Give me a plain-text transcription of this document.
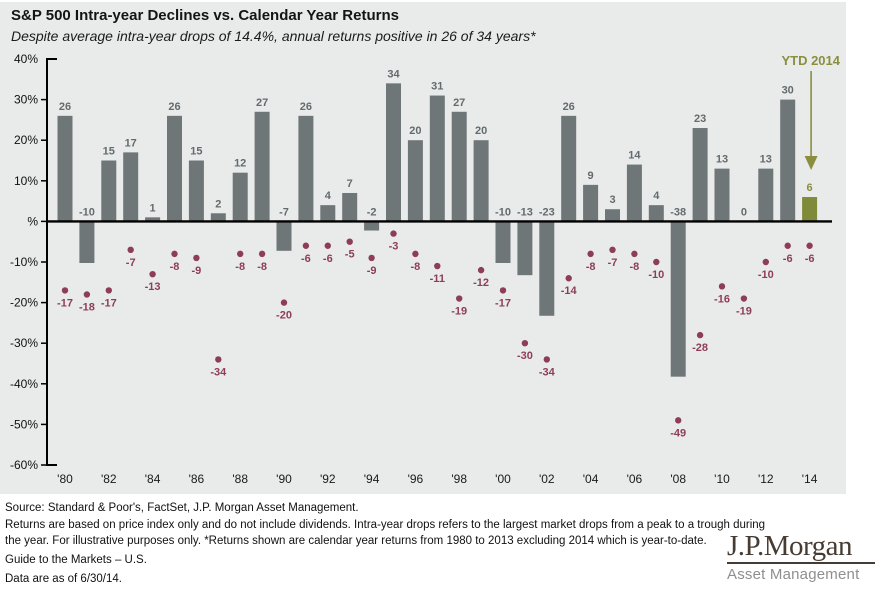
40%
30%
20%
10%
%
-10%
-20%
-30%
-40%
-50%
-60%
26
-10
15
17
1
26
15
2
12
27
-7
26
4
7
-2
34
20
31
27
20
-10 -13 -23
26
9
3
14
4
-38
23
13
0
13
30
6
-17 -18 -17
-7
-13
-8 -9
-34
-8 -8
-20
-6 -6 -5
-9
-3
-8
-11
-19
-12
-17
-30
-34
-14
-8 -7 -8
-10
-49
-28
-16
-19
-10
-6 -6
'80 '82 '84 '86 '88 '90 '92 '94 '96 '98 '00 '02 '04 '06 '08 '10 '12 '14
YTD 2014
S&P 500 Intra-year Declines vs. Calendar Year Returns
Despite average intra-year drops of 14.4%, annual returns positive in 26 of 34 years*
Source: Standard & Poor's, FactSet, J.P. Morgan Asset Management.
Returns are based on price index only and do not include dividends. Intra-year drops refers to the largest market drops from a peak to a trough during
the year. For illustrative purposes only. *Returns shown are calendar year returns from 1980 to 2013 excluding 2014 which is year-to-date.
Guide to the Markets – U.S.
Data are as of 6/30/14.
J.P.Morgan
Asset Management
